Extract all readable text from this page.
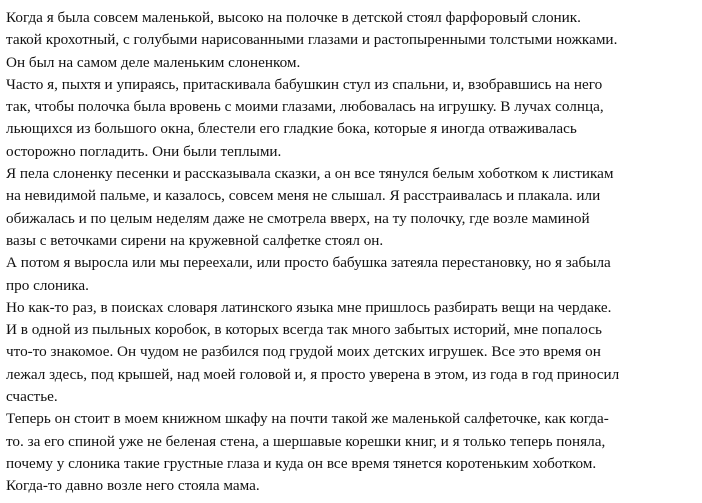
Когда я была совсем маленькой, высоко на полочке в детской стоял фарфоровый слоник.
такой крохотный, с голубыми нарисованными глазами и растопыренными толстыми ножками.
Он был на самом деле маленьким слоненком.
Часто я, пыхтя и упираясь, притаскивала бабушкин стул из спальни, и, взобравшись на него
так, чтобы полочка была вровень с моими глазами, любовалась на игрушку. В лучах солнца,
льющихся из большого окна, блестели его гладкие бока, которые я иногда отваживалась
осторожно погладить. Они были теплыми.
Я пела слоненку песенки и рассказывала сказки, а он все тянулся белым хоботком к листикам
на невидимой пальме, и казалось, совсем меня не слышал. Я расстраивалась и плакала. или
обижалась и по целым неделям даже не смотрела вверх, на ту полочку, где возле маминой
вазы с веточками сирени на кружевной салфетке стоял он.
А потом я выросла или мы переехали, или просто бабушка затеяла перестановку, но я забыла
про слоника.
Но как-то раз, в поисках словаря латинского языка мне пришлось разбирать вещи на чердаке.
И в одной из пыльных коробок, в которых всегда так много забытых историй, мне попалось
что-то знакомое. Он чудом не разбился под грудой моих детских игрушек. Все это время он
лежал здесь, под крышей, над моей головой и, я просто уверена в этом, из года в год приносил
счастье.
Теперь он стоит в моем книжном шкафу на почти такой же маленькой салфеточке, как когда-
то. за его спиной уже не беленая стена, а шершавые корешки книг, и я только теперь поняла,
почему у слоника такие грустные глаза и куда он все время тянется коротеньким хоботком.
Когда-то давно возле него стояла мама.
